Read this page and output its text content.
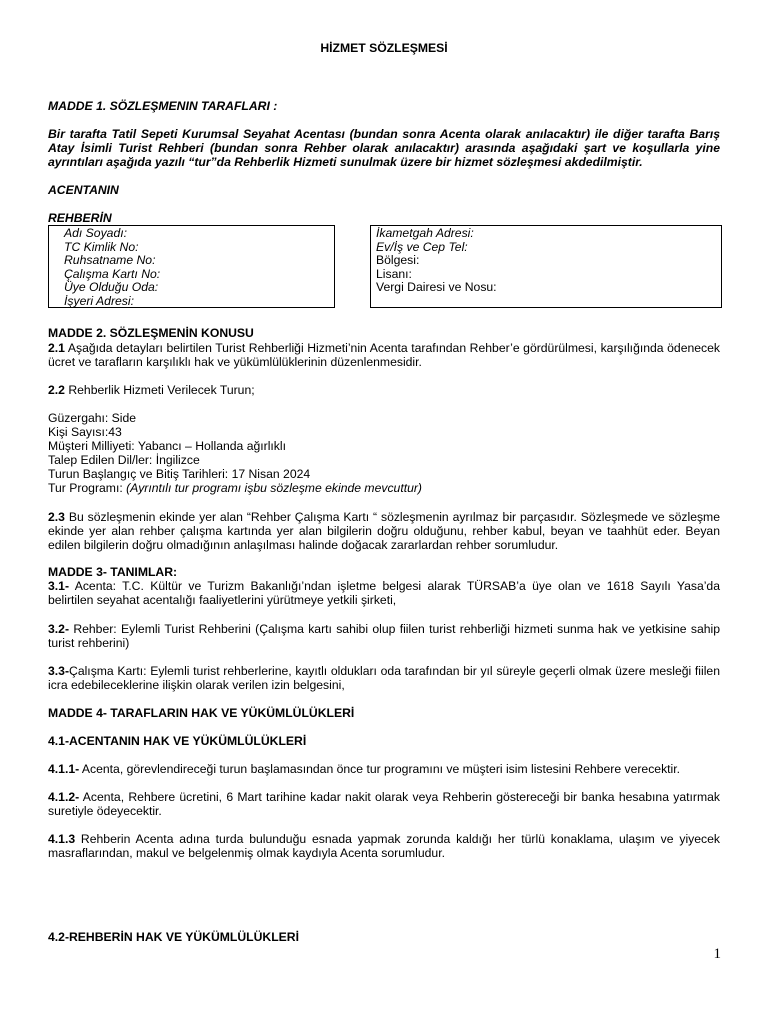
HİZMET SÖZLEŞMESİ
MADDE 1. SÖZLEŞMENIN TARAFLARI :

Bir tarafta Tatil Sepeti Kurumsal Seyahat Acentası (bundan sonra Acenta olarak anılacaktır) ile diğer tarafta Barış Atay İsimli Turist Rehberi (bundan sonra Rehber olarak anılacaktır) arasında aşağıdaki şart ve koşullarla yine ayrıntıları aşağıda yazılı “tur”da Rehberlik Hizmeti sunulmak üzere bir hizmet sözleşmesi akdedilmiştir.

ACENTANIN
REHBERİN
Adı Soyadı:
TC Kimlik No:
Ruhsatname No:
Çalışma Kartı No:
Üye Olduğu Oda:
İşyeri Adresi:
İkametgah Adresi:
Ev/İş ve Cep Tel:
Bölgesi:
Lisanı:
Vergi Dairesi ve Nosu:
MADDE 2. SÖZLEŞMENİN KONUSU

2.1 Aşağıda detayları belirtilen Turist Rehberliği Hizmeti’nin Acenta tarafından Rehber’e gördürülmesi, karşılığında ödenecek ücret ve tarafların karşılıklı hak ve yükümlülüklerinin düzenlenmesidir.

2.2 Rehberlik Hizmeti Verilecek Turun;

Güzergahı: Side
Kişi Sayısı:43
Müşteri Milliyeti: Yabancı – Hollanda ağırlıklı
Talep Edilen Dil/ler: İngilizce
Turun Başlangıç ve Bitiş Tarihleri: 17 Nisan 2024
Tur Programı: (Ayrıntılı tur programı işbu sözleşme ekinde mevcuttur)

2.3 Bu sözleşmenin ekinde yer alan “Rehber Çalışma Kartı “ sözleşmenin ayrılmaz bir parçasıdır. Sözleşmede ve sözleşme ekinde yer alan rehber çalışma kartında yer alan bilgilerin doğru olduğunu, rehber kabul, beyan ve taahhüt eder. Beyan edilen bilgilerin doğru olmadığının anlaşılması halinde doğacak zararlardan rehber sorumludur.

MADDE 3- TANIMLAR:

3.1- Acenta: T.C. Kültür ve Turizm Bakanlığı’ndan işletme belgesi alarak TÜRSAB’a üye olan ve 1618 Sayılı Yasa’da belirtilen seyahat acentalığı faaliyetlerini yürütmeye yetkili şirketi,

3.2- Rehber: Eylemli Turist Rehberini (Çalışma kartı sahibi olup fiilen turist rehberliği hizmeti sunma hak ve yetkisine sahip turist rehberini)

3.3-Çalışma Kartı: Eylemli turist rehberlerine, kayıtlı oldukları oda tarafından bir yıl süreyle geçerli olmak üzere mesleği fiilen icra edebileceklerine ilişkin olarak verilen izin belgesini,

MADDE 4- TARAFLARIN HAK VE YÜKÜMLÜLÜKLERİ
4.1-ACENTANIN HAK VE YÜKÜMLÜLÜKLERİ

4.1.1- Acenta, görevlendireceği turun başlamasından önce tur programını ve müşteri isim listesini Rehbere verecektir.

4.1.2- Acenta, Rehbere ücretini, 6 Mart tarihine kadar nakit olarak veya Rehberin göstereceği bir banka hesabına yatırmak suretiyle ödeyecektir.

4.1.3 Rehberin Acenta adına turda bulunduğu esnada yapmak zorunda kaldığı her türlü konaklama, ulaşım ve yiyecek masraflarından, makul ve belgelenmiş olmak kaydıyla Acenta sorumludur.

4.2-REHBERİN HAK VE YÜKÜMLÜLÜKLERİ
1
